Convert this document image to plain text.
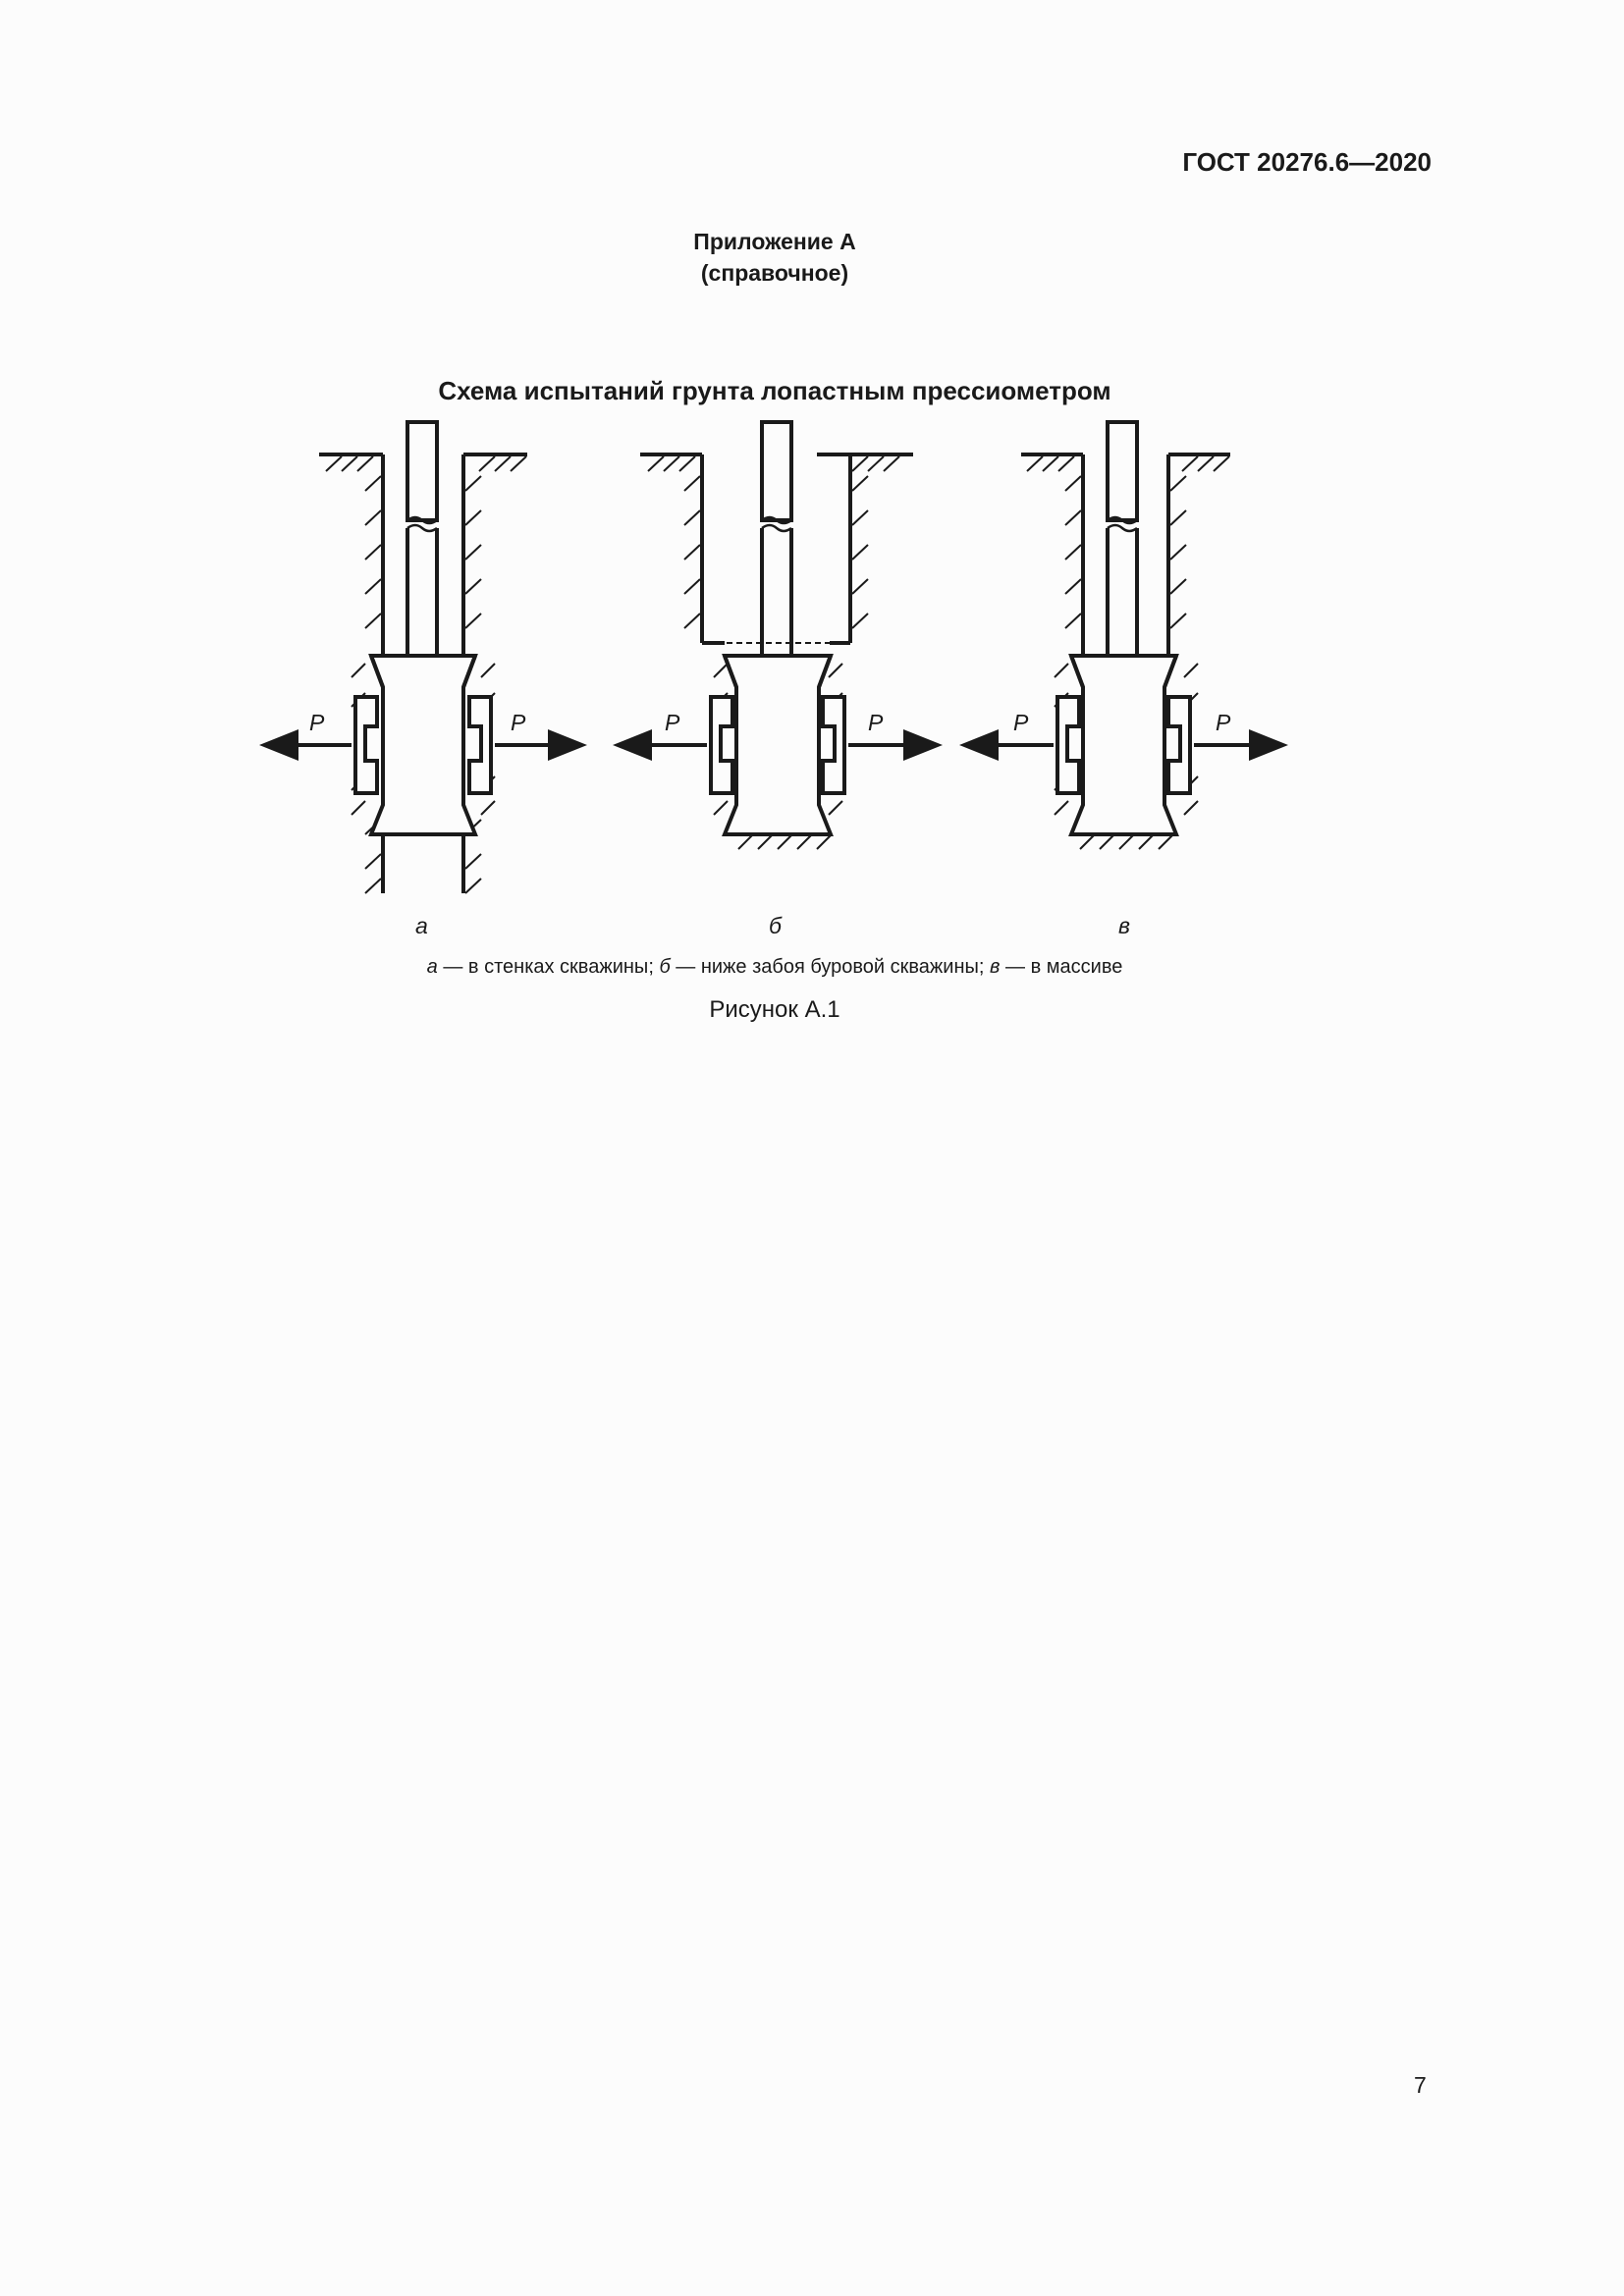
ГОСТ 20276.6—2020
Приложение А
(справочное)
Схема испытаний грунта лопастным прессиометром
P	P	P	P	P	P
а	б	в
а — в стенках скважины; б — ниже забоя буровой скважины; в — в массиве
Рисунок А.1
7
